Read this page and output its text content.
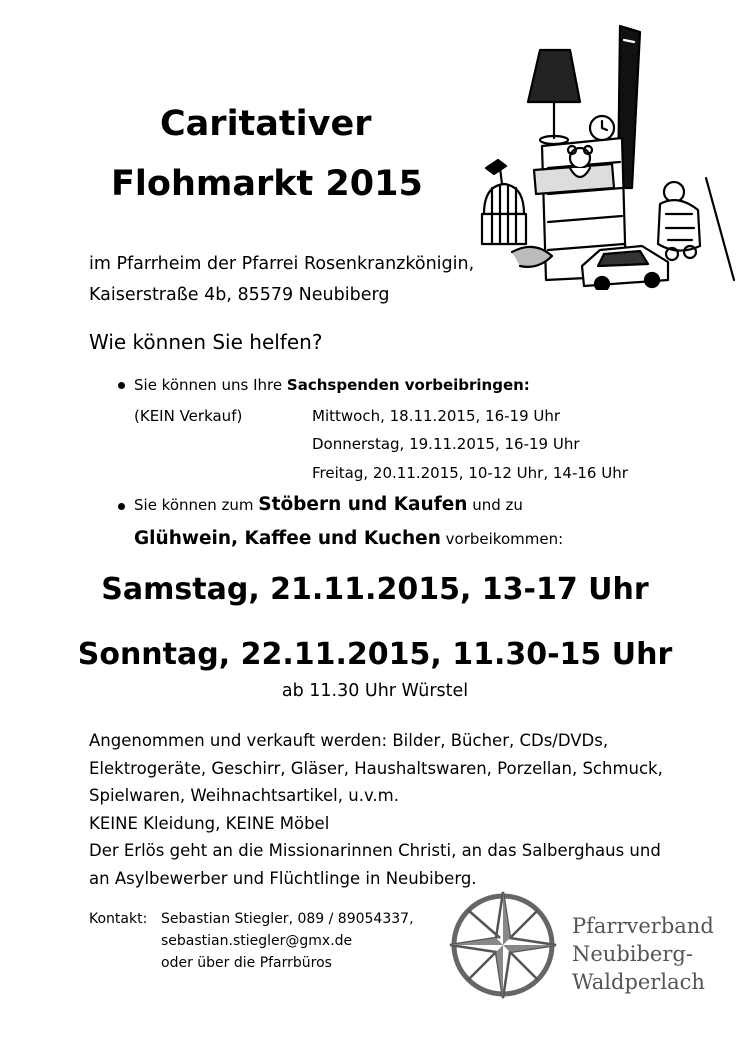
Caritativer
Flohmarkt 2015
im Pfarrheim der Pfarrei Rosenkranzkönigin,
Kaiserstraße 4b, 85579 Neubiberg
Wie können Sie helfen?
Sie können uns Ihre Sachspenden vorbeibringen:
(KEIN Verkauf)	Mittwoch, 18.11.2015, 16-19 Uhr
Donnerstag, 19.11.2015, 16-19 Uhr
Freitag, 20.11.2015, 10-12 Uhr, 14-16 Uhr
Sie können zum Stöbern und Kaufen und zu
Glühwein, Kaffee und Kuchen vorbeikommen:
Samstag, 21.11.2015, 13-17 Uhr
Sonntag, 22.11.2015, 11.30-15 Uhr
ab 11.30 Uhr Würstel
Angenommen und verkauft werden: Bilder, Bücher, CDs/DVDs,
Elektrogeräte, Geschirr, Gläser, Haushaltswaren, Porzellan, Schmuck,
Spielwaren, Weihnachtsartikel, u.v.m.
KEINE Kleidung, KEINE Möbel
Der Erlös geht an die Missionarinnen Christi, an das Salberghaus und
an Asylbewerber und Flüchtlinge in Neubiberg.
Kontakt: Sebastian Stiegler, 089 / 89054337,
sebastian.stiegler@gmx.de
oder über die Pfarrbüros
Pfarrverband
Neubiberg-
Waldperlach
